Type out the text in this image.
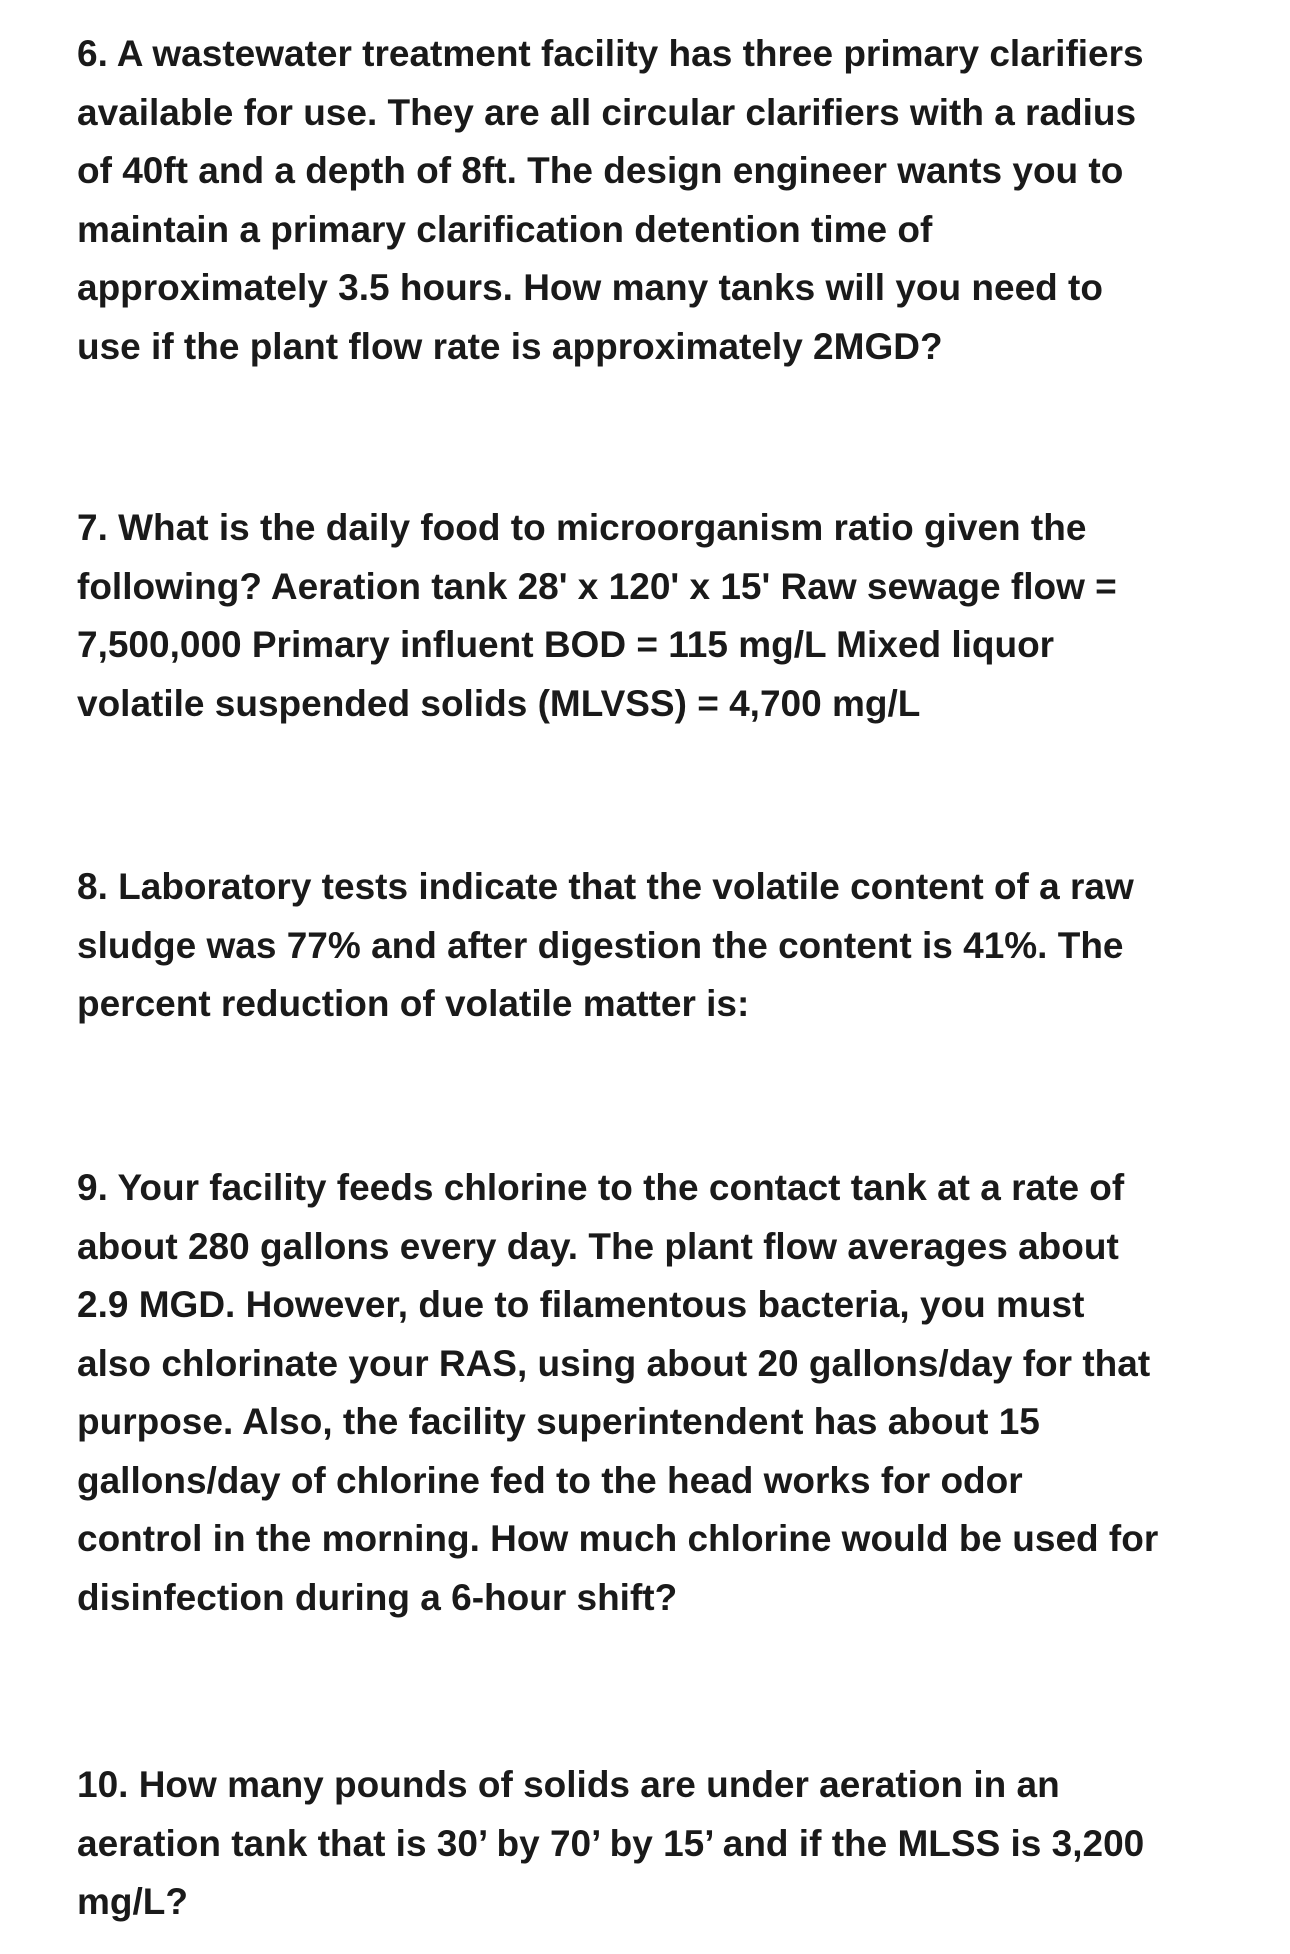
6. A wastewater treatment facility has three primary clarifiers
available for use. They are all circular clarifiers with a radius
of 40ft and a depth of 8ft. The design engineer wants you to
maintain a primary clarification detention time of
approximately 3.5 hours. How many tanks will you need to
use if the plant flow rate is approximately 2MGD?
7. What is the daily food to microorganism ratio given the
following? Aeration tank 28' x 120' x 15' Raw sewage flow =
7,500,000 Primary influent BOD = 115 mg/L Mixed liquor
volatile suspended solids (MLVSS) = 4,700 mg/L
8. Laboratory tests indicate that the volatile content of a raw
sludge was 77% and after digestion the content is 41%. The
percent reduction of volatile matter is:
9. Your facility feeds chlorine to the contact tank at a rate of
about 280 gallons every day. The plant flow averages about
2.9 MGD. However, due to filamentous bacteria, you must
also chlorinate your RAS, using about 20 gallons/day for that
purpose. Also, the facility superintendent has about 15
gallons/day of chlorine fed to the head works for odor
control in the morning. How much chlorine would be used for
disinfection during a 6-hour shift?
10. How many pounds of solids are under aeration in an
aeration tank that is 30’ by 70’ by 15’ and if the MLSS is 3,200
mg/L?
